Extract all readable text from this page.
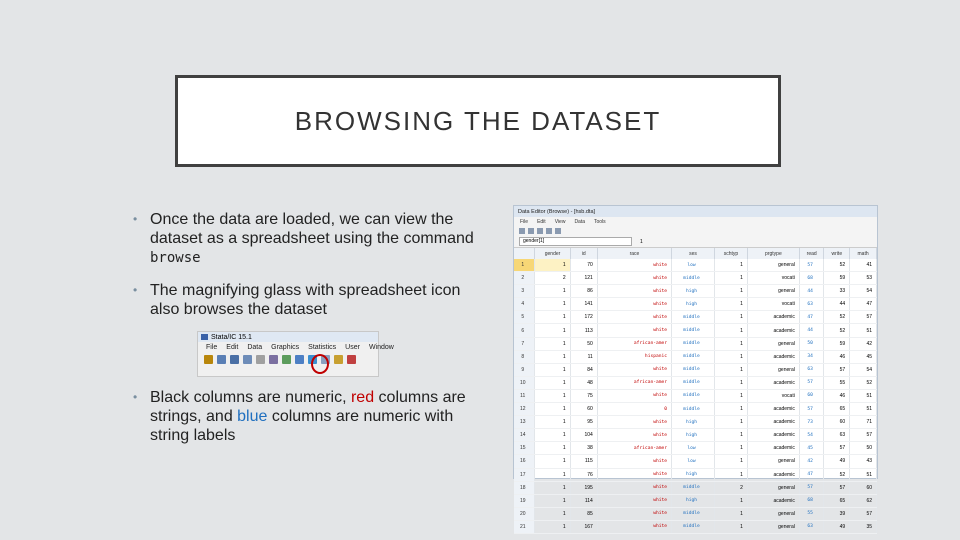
BROWSING THE DATASET
• Once the data are loaded, we can view the dataset as a spreadsheet using the command browse
• The magnifying glass with spreadsheet icon also browses the dataset
Stata/IC 15.1
File Edit Data Graphics Statistics User Window
• Black columns are numeric, red columns are strings, and blue columns are numeric with string labels
Data Editor (Browse) - [hsb.dta]
File Edit View Data Tools
gender[1]	1
	gender	id	race	ses	schtyp	prgtype	read	write	math
1	1	70	white	low	1	general	57	52	41
2	2	121	white	middle	1	vocati	68	59	53
3	1	86	white	high	1	general	44	33	54
4	1	141	white	high	1	vocati	63	44	47
5	1	172	white	middle	1	academic	47	52	57
6	1	113	white	middle	1	academic	44	52	51
7	1	50	african-amer	middle	1	general	50	59	42
8	1	11	hispanic	middle	1	academic	34	46	45
9	1	84	white	middle	1	general	63	57	54
10	1	48	african-amer	middle	1	academic	57	55	52
11	1	75	white	middle	1	vocati	60	46	51
12	1	60	0	middle	1	academic	57	65	51
13	1	95	white	high	1	academic	73	60	71
14	1	104	white	high	1	academic	54	63	57
15	1	38	african-amer	low	1	academic	45	57	50
16	1	115	white	low	1	general	42	49	43
17	1	76	white	high	1	academic	47	52	51
18	1	195	white	middle	2	general	57	57	60
19	1	114	white	high	1	academic	68	65	62
20	1	85	white	middle	1	general	55	39	57
21	1	167	white	middle	1	general	63	49	35
